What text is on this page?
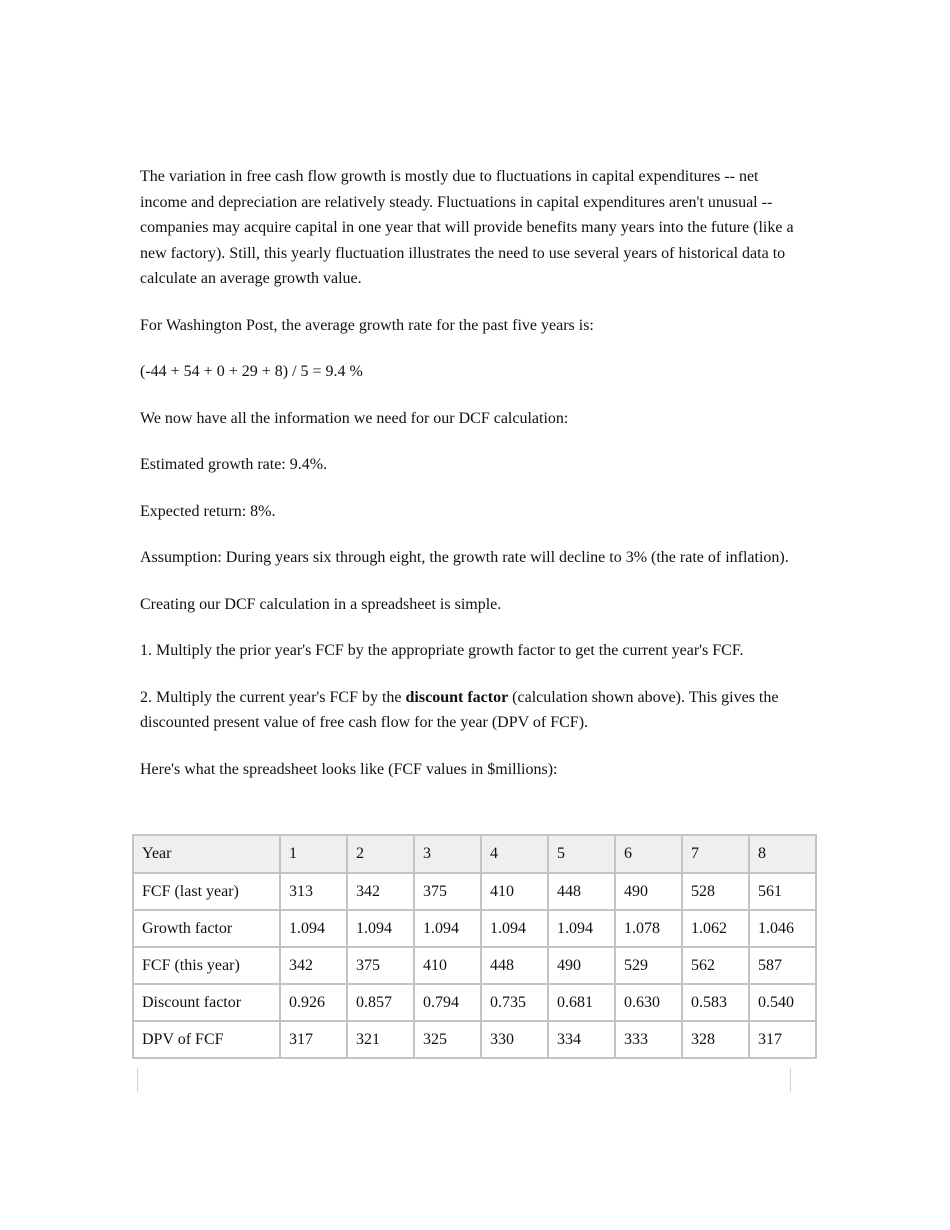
The variation in free cash flow growth is mostly due to fluctuations in capital expenditures -- net income and depreciation are relatively steady. Fluctuations in capital expenditures aren't unusual -- companies may acquire capital in one year that will provide benefits many years into the future (like a new factory). Still, this yearly fluctuation illustrates the need to use several years of historical data to calculate an average growth value.

For Washington Post, the average growth rate for the past five years is:

(-44 + 54 + 0 + 29 + 8) / 5 = 9.4 %

We now have all the information we need for our DCF calculation:

Estimated growth rate: 9.4%.

Expected return: 8%.

Assumption: During years six through eight, the growth rate will decline to 3% (the rate of inflation).

Creating our DCF calculation in a spreadsheet is simple.

1. Multiply the prior year's FCF by the appropriate growth factor to get the current year's FCF.

2. Multiply the current year's FCF by the discount factor (calculation shown above). This gives the discounted present value of free cash flow for the year (DPV of FCF).

Here's what the spreadsheet looks like (FCF values in $millions):

Year	1	2	3	4	5	6	7	8
FCF (last year)	313	342	375	410	448	490	528	561
Growth factor	1.094	1.094	1.094	1.094	1.094	1.078	1.062	1.046
FCF (this year)	342	375	410	448	490	529	562	587
Discount factor	0.926	0.857	0.794	0.735	0.681	0.630	0.583	0.540
DPV of FCF	317	321	325	330	334	333	328	317
